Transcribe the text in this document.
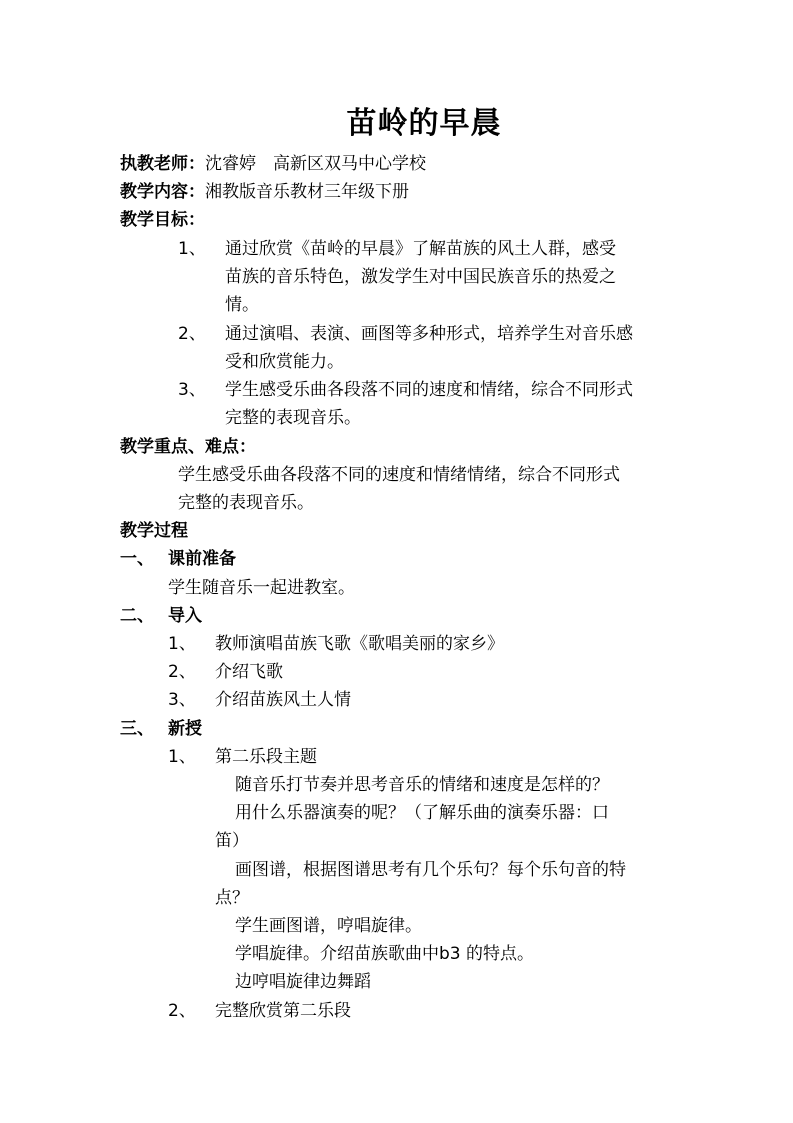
苗岭的早晨
执教老师：沈睿婷　高新区双马中心学校
教学内容：湘教版音乐教材三年级下册
教学目标：
1、 通过欣赏《苗岭的早晨》了解苗族的风土人群，感受
苗族的音乐特色，激发学生对中国民族音乐的热爱之
情。
2、 通过演唱、表演、画图等多种形式，培养学生对音乐感
受和欣赏能力。
3、 学生感受乐曲各段落不同的速度和情绪，综合不同形式
完整的表现音乐。
教学重点、难点：
学生感受乐曲各段落不同的速度和情绪情绪，综合不同形式
完整的表现音乐。
教学过程
一、 课前准备
学生随音乐一起进教室。
二、 导入
1、 教师演唱苗族飞歌《歌唱美丽的家乡》
2、 介绍飞歌
3、 介绍苗族风土人情
三、 新授
1、 第二乐段主题
随音乐打节奏并思考音乐的情绪和速度是怎样的？
用什么乐器演奏的呢？（了解乐曲的演奏乐器：口
笛）
画图谱，根据图谱思考有几个乐句？每个乐句音的特
点？
学生画图谱，哼唱旋律。
学唱旋律。介绍苗族歌曲中b3 的特点。
边哼唱旋律边舞蹈
2、 完整欣赏第二乐段
